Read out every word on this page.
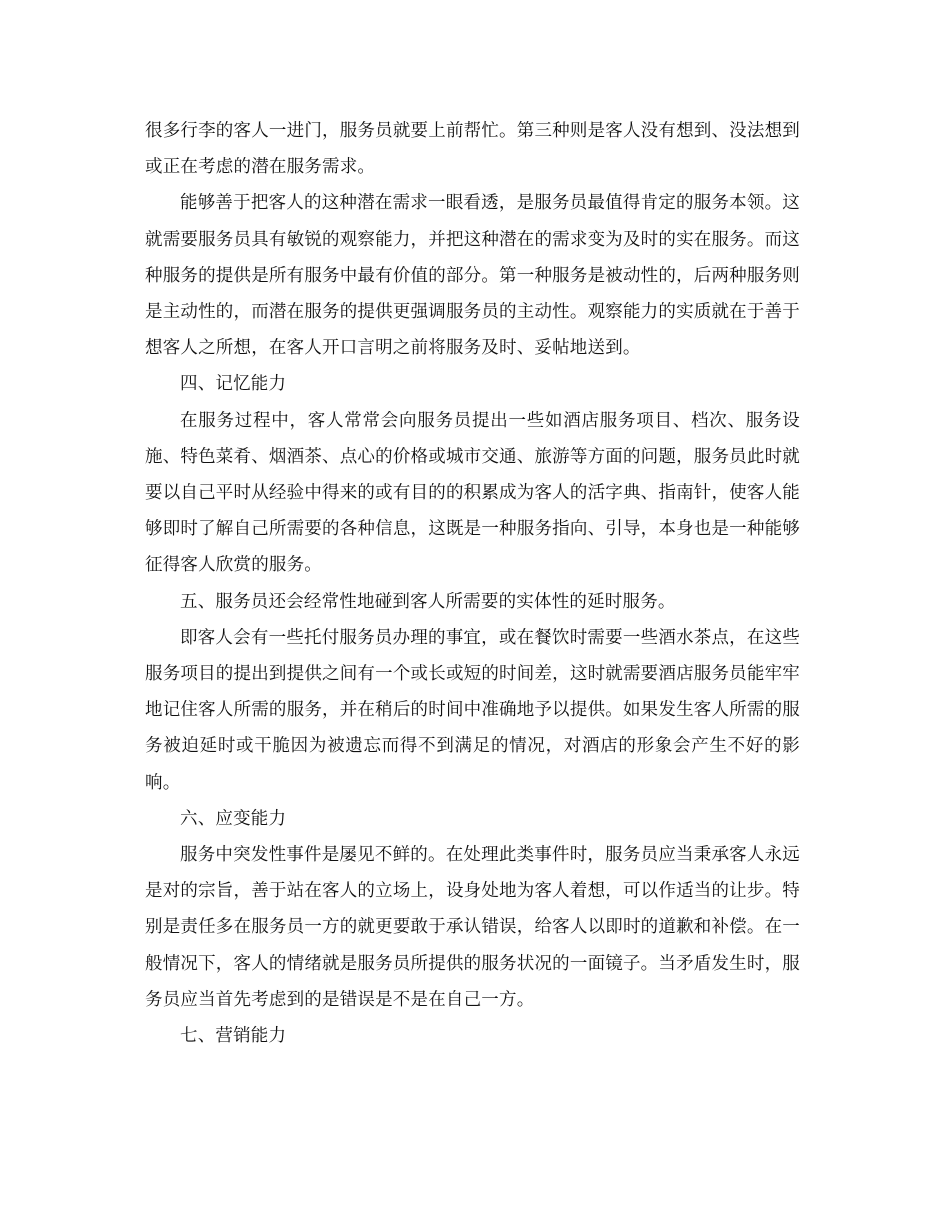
很多行李的客人一进门，服务员就要上前帮忙。第三种则是客人没有想到、没法想到或正在考虑的潜在服务需求。

能够善于把客人的这种潜在需求一眼看透，是服务员最值得肯定的服务本领。这就需要服务员具有敏锐的观察能力，并把这种潜在的需求变为及时的实在服务。而这种服务的提供是所有服务中最有价值的部分。第一种服务是被动性的，后两种服务则是主动性的，而潜在服务的提供更强调服务员的主动性。观察能力的实质就在于善于想客人之所想，在客人开口言明之前将服务及时、妥帖地送到。

四、记忆能力

在服务过程中，客人常常会向服务员提出一些如酒店服务项目、档次、服务设施、特色菜肴、烟酒茶、点心的价格或城市交通、旅游等方面的问题，服务员此时就要以自己平时从经验中得来的或有目的的积累成为客人的活字典、指南针，使客人能够即时了解自己所需要的各种信息，这既是一种服务指向、引导，本身也是一种能够征得客人欣赏的服务。

五、服务员还会经常性地碰到客人所需要的实体性的延时服务。

即客人会有一些托付服务员办理的事宜，或在餐饮时需要一些酒水茶点，在这些服务项目的提出到提供之间有一个或长或短的时间差，这时就需要酒店服务员能牢牢地记住客人所需的服务，并在稍后的时间中准确地予以提供。如果发生客人所需的服务被迫延时或干脆因为被遗忘而得不到满足的情况，对酒店的形象会产生不好的影响。

六、应变能力

服务中突发性事件是屡见不鲜的。在处理此类事件时，服务员应当秉承客人永远是对的宗旨，善于站在客人的立场上，设身处地为客人着想，可以作适当的让步。特别是责任多在服务员一方的就更要敢于承认错误，给客人以即时的道歉和补偿。在一般情况下，客人的情绪就是服务员所提供的服务状况的一面镜子。当矛盾发生时，服务员应当首先考虑到的是错误是不是在自己一方。

七、营销能力
